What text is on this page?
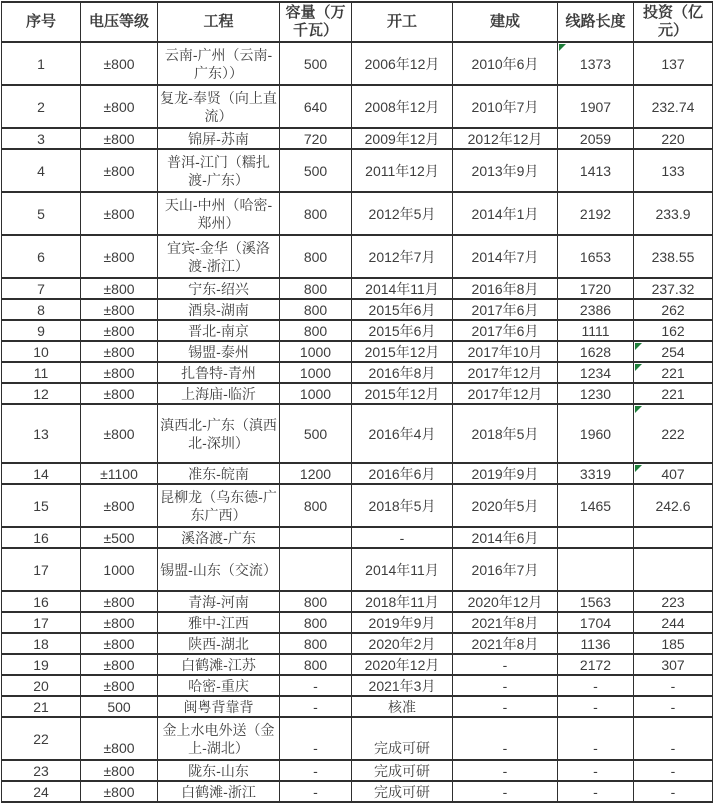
序号	电压等级	工程	容量（万千瓦）	开工	建成	线路长度	投资（亿元）
1	±800	云南-广州（云南-广东））	500	2006年12月	2010年6月	1373	137
2	±800	复龙-奉贤（向上直流）	640	2008年12月	2010年7月	1907	232.74
3	±800	锦屏-苏南	720	2009年12月	2012年12月	2059	220
4	±800	普洱-江门（糯扎渡-广东）	500	2011年12月	2013年9月	1413	133
5	±800	天山-中州（哈密-郑州）	800	2012年5月	2014年1月	2192	233.9
6	±800	宜宾-金华（溪洛渡-浙江）	800	2012年7月	2014年7月	1653	238.55
7	±800	宁东-绍兴	800	2014年11月	2016年8月	1720	237.32
8	±800	酒泉-湖南	800	2015年6月	2017年6月	2386	262
9	±800	晋北-南京	800	2015年6月	2017年6月	1111	162
10	±800	锡盟-泰州	1000	2015年12月	2017年10月	1628	254
11	±800	扎鲁特-青州	1000	2016年8月	2017年12月	1234	221
12	±800	上海庙-临沂	1000	2015年12月	2017年12月	1230	221
13	±800	滇西北-广东（滇西北-深圳）	500	2016年4月	2018年5月	1960	222
14	±1100	准东-皖南	1200	2016年6月	2019年9月	3319	407
15	±800	昆柳龙（乌东德-广东广西）	800	2018年5月	2020年5月	1465	242.6
16	±500	溪洛渡-广东		-	2014年6月		
17	1000	锡盟-山东（交流）		2014年11月	2016年7月		
16	±800	青海-河南	800	2018年11月	2020年12月	1563	223
17	±800	雅中-江西	800	2019年9月	2021年8月	1704	244
18	±800	陕西-湖北	800	2020年2月	2021年8月	1136	185
19	±800	白鹤滩-江苏	800	2020年12月	-	2172	307
20	±800	哈密-重庆	-	2021年3月	-	-	-
21	500	闽粤背靠背	-	核准	-	-	-
22	±800	金上水电外送（金上-湖北）	-	完成可研	-	-	-
23	±800	陇东-山东	-	完成可研	-	-	-
24	±800	白鹤滩-浙江	-	完成可研	-	-	-
